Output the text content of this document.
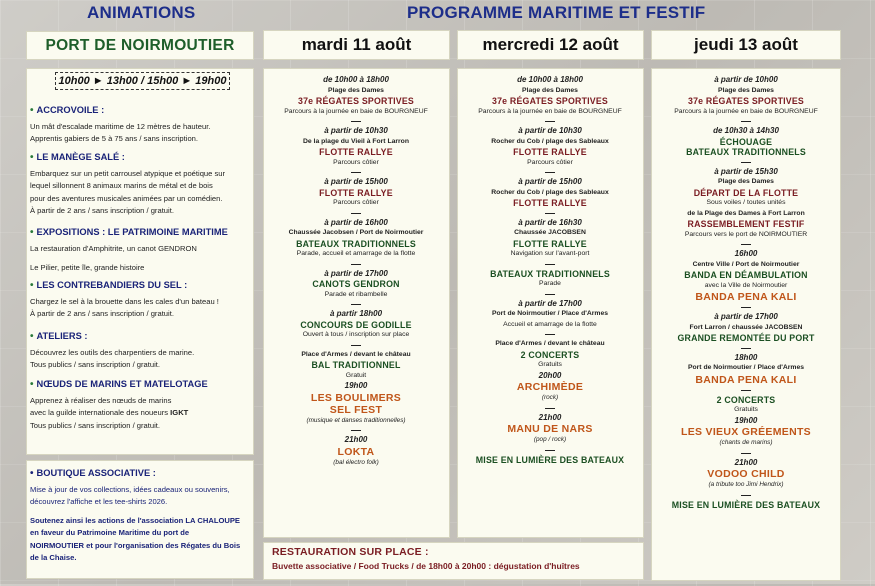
ANIMATIONS	PROGRAMME MARITIME ET FESTIF
PORT DE NOIRMOUTIER	mardi 11 août	mercredi 12 août	jeudi 13 août
10h00 ► 13h00 / 15h00 ► 19h00
• ACCROVOILE :
Un mât d'escalade maritime de 12 mètres de hauteur.
Apprentis gabiers de 5 à 75 ans / sans inscription.
• LE MANÈGE SALÉ :
Embarquez sur un petit carrousel atypique et poétique sur
lequel sillonnent 8 animaux marins de métal et de bois
pour des aventures musicales animées par un comédien.
À partir de 2 ans / sans inscription / gratuit.
• EXPOSITIONS : LE PATRIMOINE MARITIME
La restauration d'Amphitrite, un canot GENDRON
Le Pilier, petite île, grande histoire
• LES CONTREBANDIERS DU SEL :
Chargez le sel à la brouette dans les cales d'un bateau !
À partir de 2 ans / sans inscription / gratuit.
• ATELIERS :
Découvrez les outils des charpentiers de marine.
Tous publics / sans inscription / gratuit.
• NŒUDS DE MARINS ET MATELOTAGE
Apprenez à réaliser des nœuds de marins
avec la guilde internationale des noueurs IGKT
Tous publics / sans inscription / gratuit.
• BOUTIQUE ASSOCIATIVE :
Mise à jour de vos collections, idées cadeaux ou souvenirs,
découvrez l'affiche et les tee-shirts 2026.
Soutenez ainsi les actions de l'association LA CHALOUPE
en faveur du Patrimoine Maritime du port de
NOIRMOUTIER et pour l'organisation des Régates du Bois
de la Chaise.
de 10h00 à 18h00
Plage des Dames
37e RÉGATES SPORTIVES
Parcours à la journée en baie de BOURGNEUF
—
à partir de 10h30
De la plage du Vieil à Fort Larron
FLOTTE RALLYE
Parcours côtier
—
à partir de 15h00
FLOTTE RALLYE
Parcours côtier
—
à partir de 16h00
Chaussée Jacobsen / Port de Noirmoutier
BATEAUX TRADITIONNELS
Parade, accueil et amarrage de la flotte
—
à partir de 17h00
CANOTS GENDRON
Parade et ribambelle
—
à partir 18h00
CONCOURS DE GODILLE
Ouvert à tous / inscription sur place
—
Place d'Armes / devant le château
BAL TRADITIONNEL
Gratuit
19h00
LES BOULIMERS
SEL FEST
(musique et danses traditionnelles)
—
21h00
LOKTA
(bal électro folk)
de 10h00 à 18h00
Plage des Dames
37e RÉGATES SPORTIVES
Parcours à la journée en baie de BOURGNEUF
—
à partir de 10h30
Rocher du Cob / plage des Sableaux
FLOTTE RALLYE
Parcours côtier
—
à partir de 15h00
Rocher du Cob / plage des Sableaux
FLOTTE RALLYE
—
à partir de 16h30
Chaussée JACOBSEN
FLOTTE RALLYE
Navigation sur l'avant-port
—
BATEAUX TRADITIONNELS
Parade
—
à partir de 17h00
Port de Noirmoutier / Place d'Armes
Accueil et amarrage de la flotte
—
Place d'Armes / devant le château
2 CONCERTS
Gratuits
20h00
ARCHIMÈDE
(rock)
—
21h00
MANU DE NARS
(pop / rock)
—
MISE EN LUMIÈRE DES BATEAUX
à partir de 10h00
Plage des Dames
37e RÉGATES SPORTIVES
Parcours à la journée en baie de BOURGNEUF
—
de 10h30 à 14h30
ÉCHOUAGE
BATEAUX TRADITIONNELS
—
à partir de 15h30
Plage des Dames
DÉPART DE LA FLOTTE
Sous voiles / toutes unités
de la Plage des Dames à Fort Larron
RASSEMBLEMENT FESTIF
Parcours vers le port de NOIRMOUTIER
—
16h00
Centre Ville / Port de Noirmoutier
BANDA EN DÉAMBULATION
avec la Ville de Noirmoutier
BANDA PENA KALI
—
à partir de 17h00
Fort Larron / chaussée JACOBSEN
GRANDE REMONTÉE DU PORT
—
18h00
Port de Noirmoutier / Place d'Armes
BANDA PENA KALI
—
2 CONCERTS
Gratuits
19h00
LES VIEUX GRÉEMENTS
(chants de marins)
—
21h00
VODOO CHILD
(a tribute too Jimi Hendrix)
—
MISE EN LUMIÈRE DES BATEAUX
RESTAURATION SUR PLACE :
Buvette associative / Food Trucks / de 18h00 à 20h00 : dégustation d'huîtres
